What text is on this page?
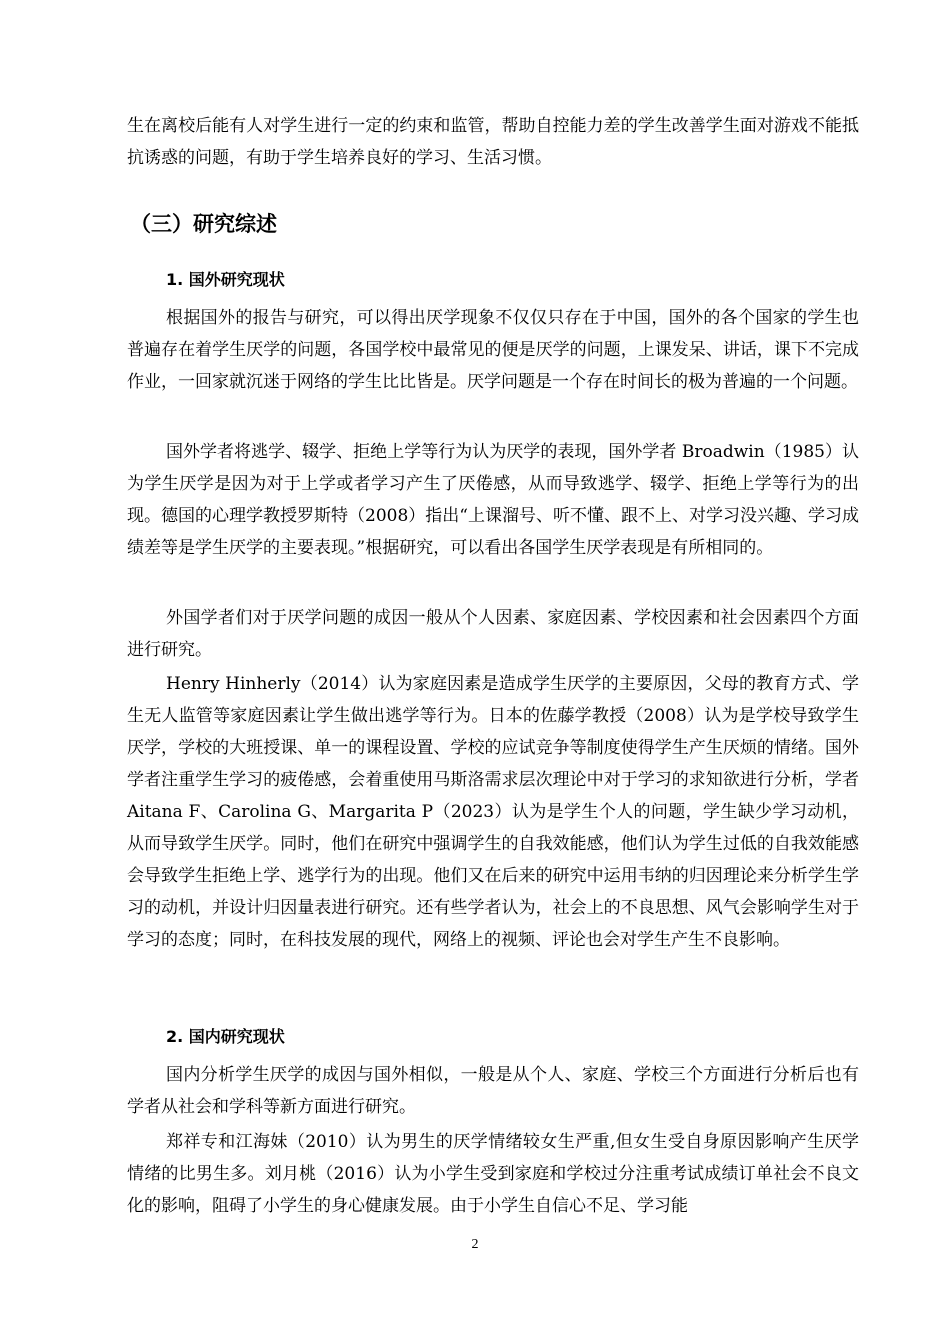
生在离校后能有人对学生进行一定的约束和监管，帮助自控能力差的学生改善学生面对游戏不能抵抗诱惑的问题，有助于学生培养良好的学习、生活习惯。

（三）研究综述
1. 国外研究现状

根据国外的报告与研究，可以得出厌学现象不仅仅只存在于中国，国外的各个国家的学生也普遍存在着学生厌学的问题，各国学校中最常见的便是厌学的问题，上课发呆、讲话，课下不完成作业，一回家就沉迷于网络的学生比比皆是。厌学问题是一个存在时间长的极为普遍的一个问题。

国外学者将逃学、辍学、拒绝上学等行为认为厌学的表现，国外学者 Broadwin（1985）认为学生厌学是因为对于上学或者学习产生了厌倦感，从而导致逃学、辍学、拒绝上学等行为的出现。德国的心理学教授罗斯特（2008）指出“上课溜号、听不懂、跟不上、对学习没兴趣、学习成绩差等是学生厌学的主要表现。”根据研究，可以看出各国学生厌学表现是有所相同的。

外国学者们对于厌学问题的成因一般从个人因素、家庭因素、学校因素和社会因素四个方面进行研究。

Henry Hinherly（2014）认为家庭因素是造成学生厌学的主要原因，父母的教育方式、学生无人监管等家庭因素让学生做出逃学等行为。日本的佐藤学教授（2008）认为是学校导致学生厌学，学校的大班授课、单一的课程设置、学校的应试竞争等制度使得学生产生厌烦的情绪。国外学者注重学生学习的疲倦感，会着重使用马斯洛需求层次理论中对于学习的求知欲进行分析，学者 Aitana F、Carolina G、Margarita P（2023）认为是学生个人的问题，学生缺少学习动机，从而导致学生厌学。同时，他们在研究中强调学生的自我效能感，他们认为学生过低的自我效能感会导致学生拒绝上学、逃学行为的出现。他们又在后来的研究中运用韦纳的归因理论来分析学生学习的动机，并设计归因量表进行研究。还有些学者认为，社会上的不良思想、风气会影响学生对于学习的态度；同时，在科技发展的现代，网络上的视频、评论也会对学生产生不良影响。

2. 国内研究现状

国内分析学生厌学的成因与国外相似，一般是从个人、家庭、学校三个方面进行分析后也有学者从社会和学科等新方面进行研究。

郑祥专和江海妹（2010）认为男生的厌学情绪较女生严重,但女生受自身原因影响产生厌学情绪的比男生多。刘月桃（2016）认为小学生受到家庭和学校过分注重考试成绩订单社会不良文化的影响，阻碍了小学生的身心健康发展。由于小学生自信心不足、学习能

2
